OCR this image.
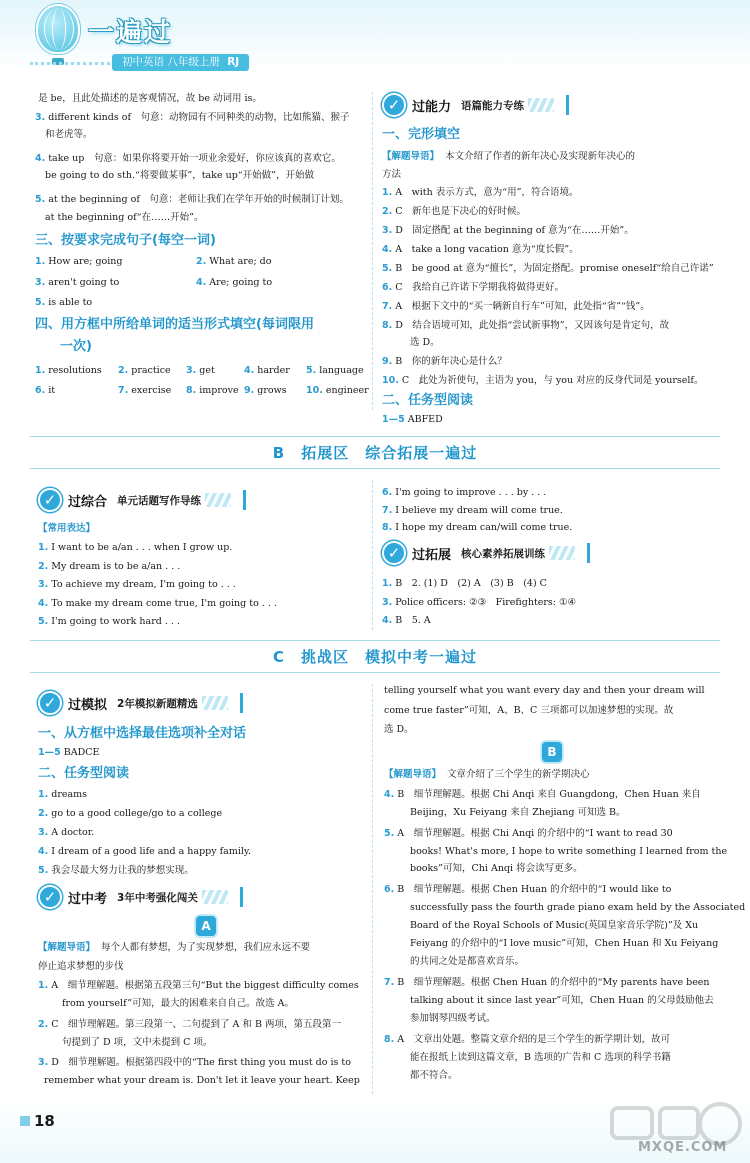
一遍过
初中英语 八年级上册 RJ
是 be，且此处描述的是客观情况，故 be 动词用 is。
3. different kinds of　句意：动物园有不同种类的动物，比如熊猫、猴子
和老虎等。
4. take up　句意：如果你将要开始一项业余爱好，你应该真的喜欢它。
be going to do sth.“将要做某事”，take up“开始做”，开始做
5. at the beginning of　句意：老师让我们在学年开始的时候制订计划。
at the beginning of“在……开始”。
三、按要求完成句子(每空一词)
1. How are; going	2. What are; do
3. aren't going to	4. Are; going to
5. is able to
四、用方框中所给单词的适当形式填空(每词限用
一次)
1. resolutions 2. practice 3. get	4. harder 5. language
6. it	7. exercise 8. improve 9. grows 10. engineer
✓ 过能力 语篇能力专练
一、完形填空
【解题导语】 本文介绍了作者的新年决心及实现新年决心的
方法
1. A　 with 表示方式，意为“用”，符合语境。
2. C　 新年也是下决心的好时候。
3. D　 固定搭配 at the beginning of 意为“在……开始”。
4. A　 take a long vacation 意为“度长假”。
5. B　 be good at 意为“擅长”，为固定搭配。promise oneself“给自己许诺”
6. C　 我给自己许诺下学期我将做得更好。
7. A　 根据下文中的“买一辆新自行车”可知，此处指“省”“钱”。
8. D　 结合语境可知，此处指“尝试新事物”，又因该句是肯定句，故
选 D。
9. B　 你的新年决心是什么？
10. C　 此处为祈使句，主语为 you，与 you 对应的反身代词是 yourself。
二、任务型阅读
1—5 ABFED
B　拓展区　综合拓展一遍过
✓ 过综合 单元话题写作导练
【常用表达】
1. I want to be a/an . . . when I grow up.
2. My dream is to be a/an . . .
3. To achieve my dream, I'm going to . . .
4. To make my dream come true, I'm going to . . .
5. I'm going to work hard . . .
6. I'm going to improve . . . by . . .
7. I believe my dream will come true.
8. I hope my dream can/will come true.
✓ 过拓展 核心素养拓展训练
1. B　2. (1) D　(2) A　(3) B　(4) C
3. Police officers: ②③　Firefighters: ①④
4. B　5. A
C　挑战区　模拟中考一遍过
✓ 过模拟 2年模拟新题精选
一、从方框中选择最佳选项补全对话
1—5 BADCE
二、任务型阅读
1. dreams
2. go to a good college/go to a college
3. A doctor.
4. I dream of a good life and a happy family.
5. 我会尽最大努力让我的梦想实现。
✓ 过中考 3年中考强化闯关
A
【解题导语】 每个人都有梦想，为了实现梦想，我们应永远不要
停止追求梦想的步伐
1. A　 细节理解题。根据第五段第三句“But the biggest difficulty comes
from yourself”可知，最大的困难来自自己。故选 A。
2. C　 细节理解题。第三段第一、二句提到了 A 和 B 两项，第五段第一
句提到了 D 项，文中未提到 C 项。
3. D　 细节理解题。根据第四段中的“The first thing you must do is to
remember what your dream is. Don't let it leave your heart. Keep
telling yourself what you want every day and then your dream will
come true faster”可知，A、B、C 三项都可以加速梦想的实现。故
选 D。
B
【解题导语】 文章介绍了三个学生的新学期决心
4. B　 细节理解题。根据 Chi Anqi 来自 Guangdong，Chen Huan 来自
Beijing，Xu Feiyang 来自 Zhejiang 可知选 B。
5. A　 细节理解题。根据 Chi Anqi 的介绍中的“I want to read 30
books! What's more, I hope to write something I learned from the
books”可知，Chi Anqi 将会读写更多。
6. B　 细节理解题。根据 Chen Huan 的介绍中的“I would like to
successfully pass the fourth grade piano exam held by the Associated
Board of the Royal Schools of Music(英国皇家音乐学院)”及 Xu
Feiyang 的介绍中的“I love music”可知，Chen Huan 和 Xu Feiyang
的共同之处是都喜欢音乐。
7. B　 细节理解题。根据 Chen Huan 的介绍中的“My parents have been
talking about it since last year”可知，Chen Huan 的父母鼓励他去
参加钢琴四级考试。
8. A　 文章出处题。整篇文章介绍的是三个学生的新学期计划，故可
能在报纸上读到这篇文章，B 选项的广告和 C 选项的科学书籍
都不符合。
18
MXQE.COM
